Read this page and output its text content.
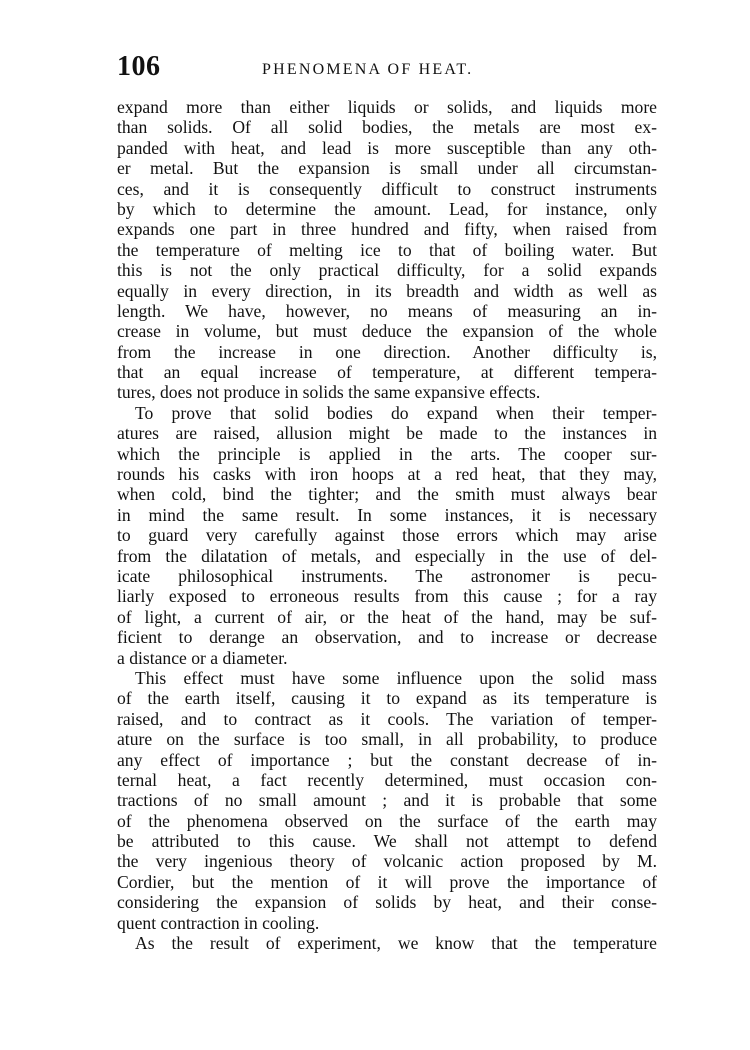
106	PHENOMENA OF HEAT.
expand more than either liquids or solids, and liquids more
than solids. Of all solid bodies, the metals are most ex-
panded with heat, and lead is more susceptible than any oth-
er metal. But the expansion is small under all circumstan-
ces, and it is consequently difficult to construct instruments
by which to determine the amount. Lead, for instance, only
expands one part in three hundred and fifty, when raised from
the temperature of melting ice to that of boiling water. But
this is not the only practical difficulty, for a solid expands
equally in every direction, in its breadth and width as well as
length. We have, however, no means of measuring an in-
crease in volume, but must deduce the expansion of the whole
from the increase in one direction. Another difficulty is,
that an equal increase of temperature, at different tempera-
tures, does not produce in solids the same expansive effects.
To prove that solid bodies do expand when their temper-
atures are raised, allusion might be made to the instances in
which the principle is applied in the arts. The cooper sur-
rounds his casks with iron hoops at a red heat, that they may,
when cold, bind the tighter; and the smith must always bear
in mind the same result. In some instances, it is necessary
to guard very carefully against those errors which may arise
from the dilatation of metals, and especially in the use of del-
icate philosophical instruments. The astronomer is pecu-
liarly exposed to erroneous results from this cause ; for a ray
of light, a current of air, or the heat of the hand, may be suf-
ficient to derange an observation, and to increase or decrease
a distance or a diameter.
This effect must have some influence upon the solid mass
of the earth itself, causing it to expand as its temperature is
raised, and to contract as it cools. The variation of temper-
ature on the surface is too small, in all probability, to produce
any effect of importance ; but the constant decrease of in-
ternal heat, a fact recently determined, must occasion con-
tractions of no small amount ; and it is probable that some
of the phenomena observed on the surface of the earth may
be attributed to this cause. We shall not attempt to defend
the very ingenious theory of volcanic action proposed by M.
Cordier, but the mention of it will prove the importance of
considering the expansion of solids by heat, and their conse-
quent contraction in cooling.
As the result of experiment, we know that the temperature
